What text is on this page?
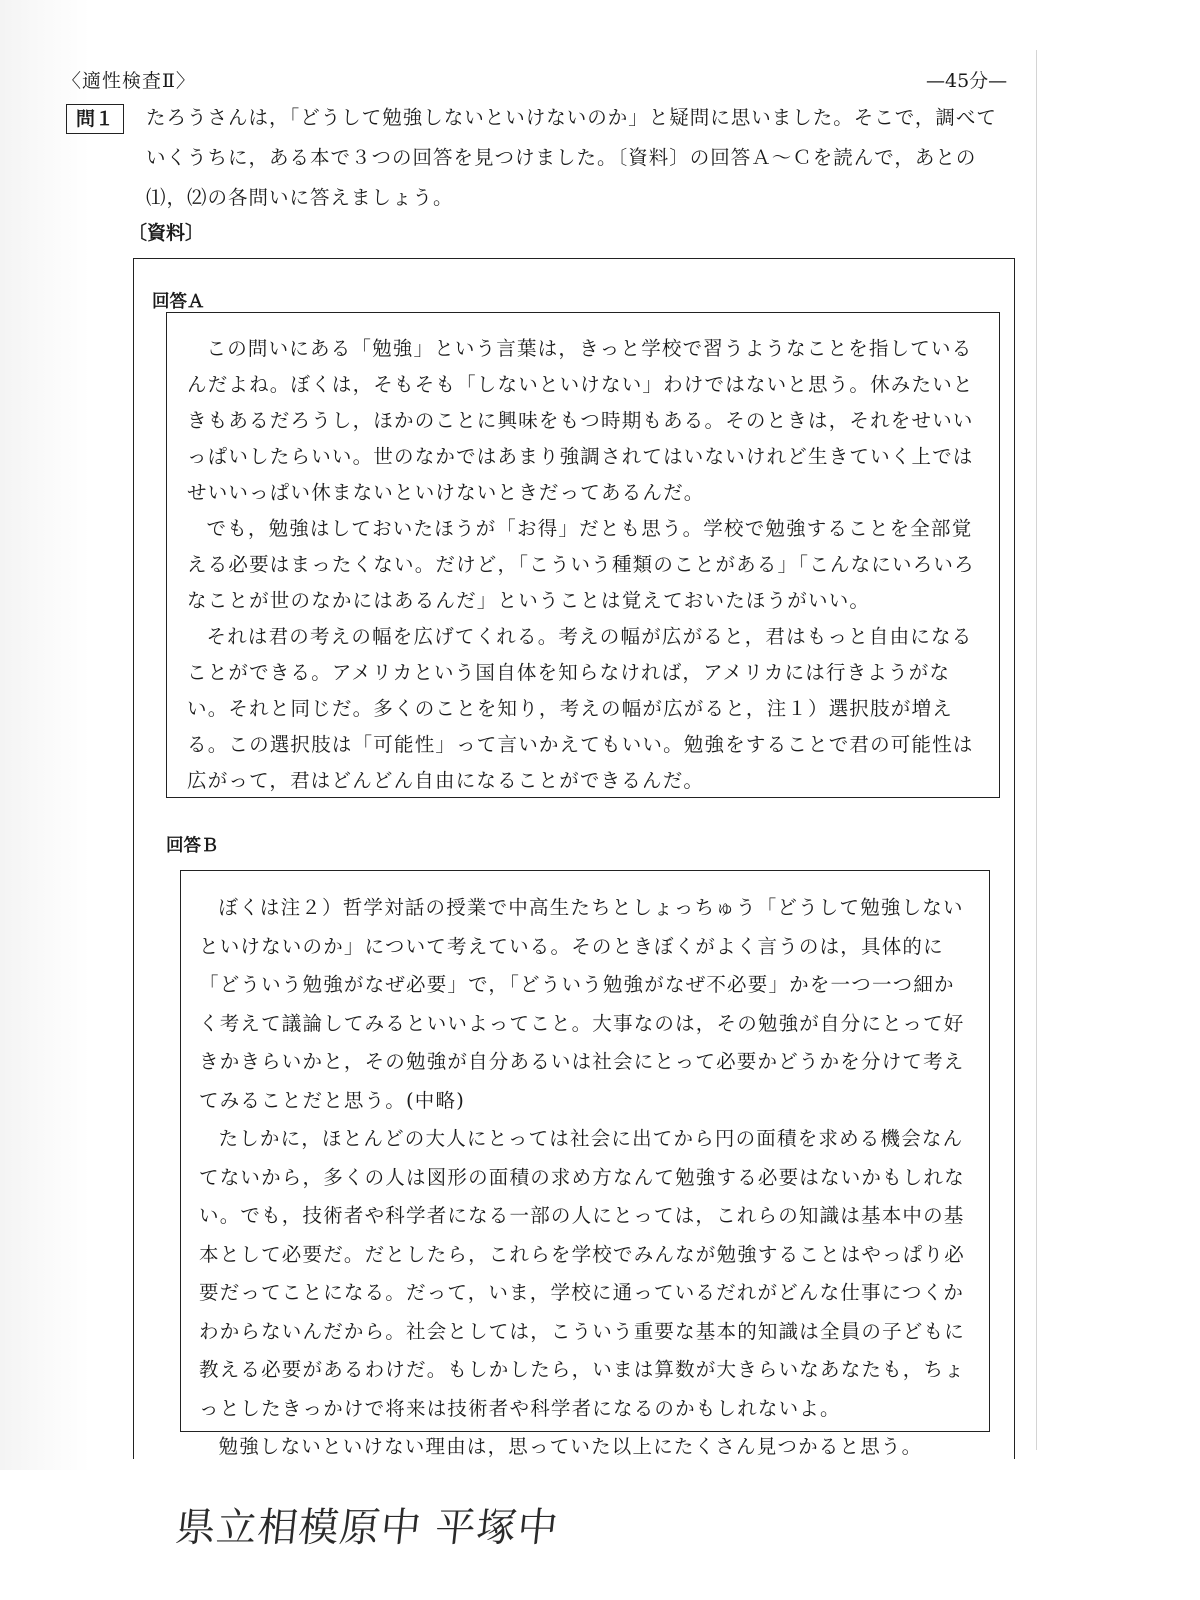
〈適性検査Ⅱ〉	—45分—
問１	たろうさんは，「どうして勉強しないといけないのか」と疑問に思いました。そこで，調べていくうちに，ある本で３つの回答を見つけました。〔資料〕の回答Ａ～Ｃを読んで，あとの⑴，⑵の各問いに答えましょう。

〔資料〕
回答Ａ

この問いにある「勉強」という言葉は，きっと学校で習うようなことを指しているんだよね。ぼくは，そもそも「しないといけない」わけではないと思う。休みたいときもあるだろうし，ほかのことに興味をもつ時期もある。そのときは，それをせいいっぱいしたらいい。世のなかではあまり強調されてはいないけれど生きていく上ではせいいっぱい休まないといけないときだってあるんだ。

でも，勉強はしておいたほうが「お得」だとも思う。学校で勉強することを全部覚える必要はまったくない。だけど，「こういう種類のことがある」「こんなにいろいろなことが世のなかにはあるんだ」ということは覚えておいたほうがいい。

それは君の考えの幅を広げてくれる。考えの幅が広がると，君はもっと自由になることができる。アメリカという国自体を知らなければ，アメリカには行きようがない。それと同じだ。多くのことを知り，考えの幅が広がると，注１）選択肢が増える。この選択肢は「可能性」って言いかえてもいい。勉強をすることで君の可能性は広がって，君はどんどん自由になることができるんだ。

回答Ｂ

ぼくは注２）哲学対話の授業で中高生たちとしょっちゅう「どうして勉強しないといけないのか」について考えている。そのときぼくがよく言うのは，具体的に「どういう勉強がなぜ必要」で，「どういう勉強がなぜ不必要」かを一つ一つ細かく考えて議論してみるといいよってこと。大事なのは，その勉強が自分にとって好きかきらいかと，その勉強が自分あるいは社会にとって必要かどうかを分けて考えてみることだと思う。(中略)

たしかに，ほとんどの大人にとっては社会に出てから円の面積を求める機会なんてないから，多くの人は図形の面積の求め方なんて勉強する必要はないかもしれない。でも，技術者や科学者になる一部の人にとっては，これらの知識は基本中の基本として必要だ。だとしたら，これらを学校でみんなが勉強することはやっぱり必要だってことになる。だって，いま，学校に通っているだれがどんな仕事につくかわからないんだから。社会としては，こういう重要な基本的知識は全員の子どもに教える必要があるわけだ。もしかしたら，いまは算数が大きらいなあなたも，ちょっとしたきっかけで将来は技術者や科学者になるのかもしれないよ。

勉強しないといけない理由は，思っていた以上にたくさん見つかると思う。

県立相模原中 平塚中
